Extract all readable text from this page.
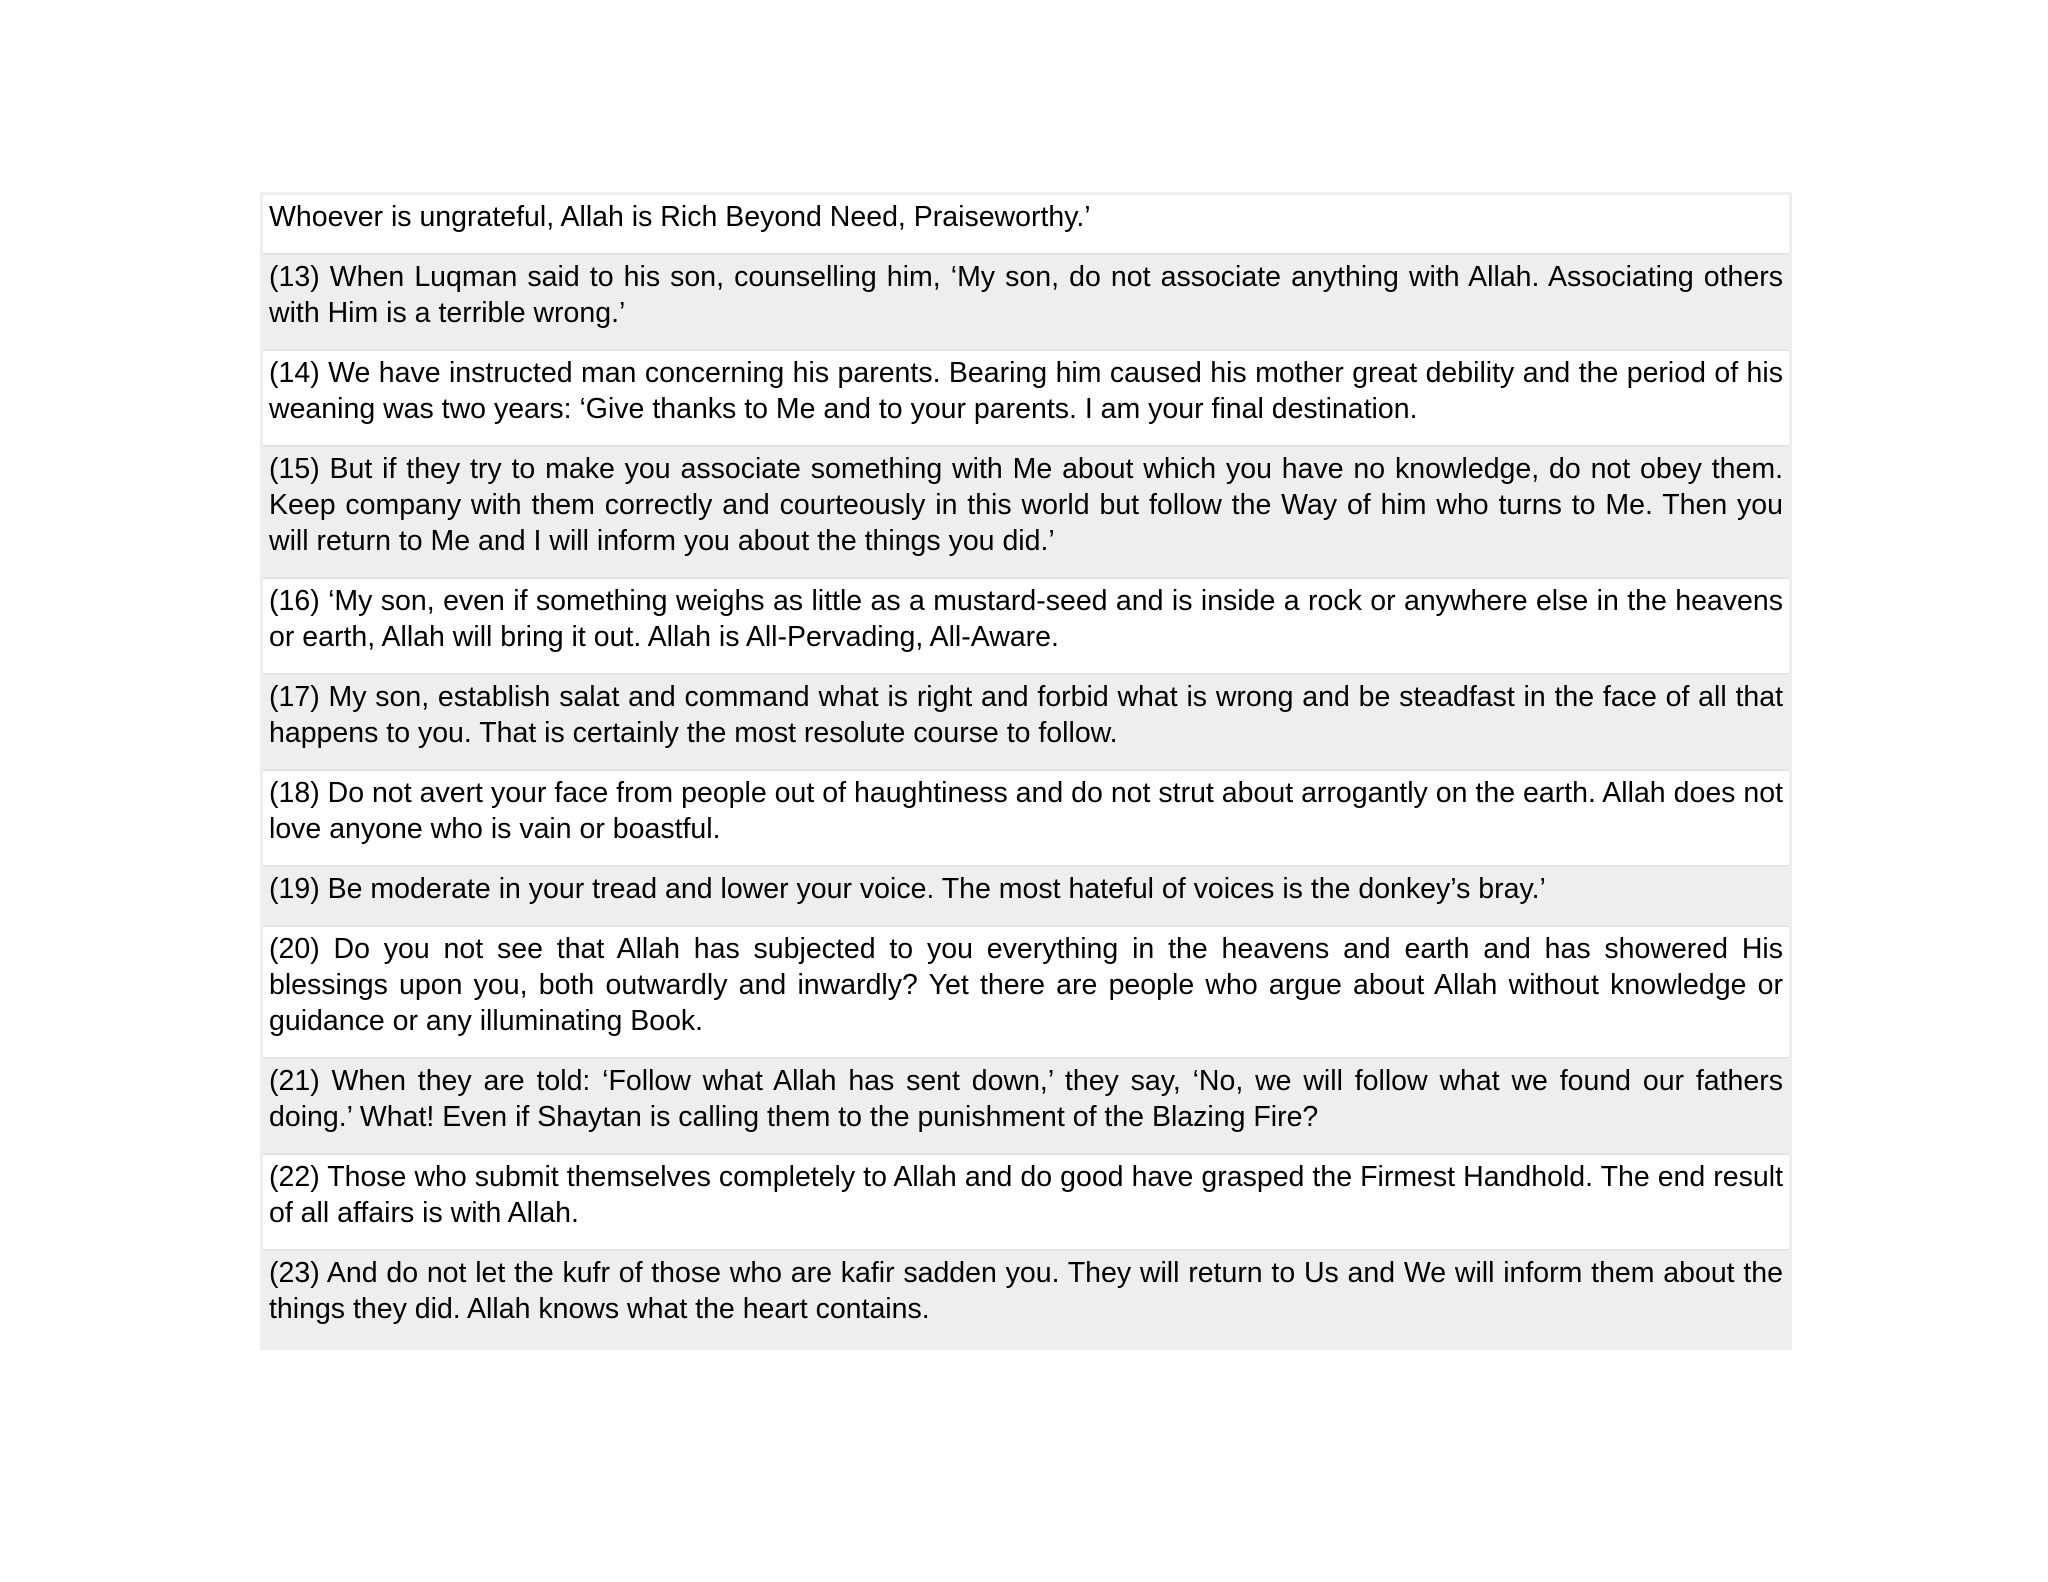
Whoever is ungrateful, Allah is Rich Beyond Need, Praiseworthy.’
(13) When Luqman said to his son, counselling him, ‘My son, do not associate anything with Allah. Associating others with Him is a terrible wrong.’
(14) We have instructed man concerning his parents. Bearing him caused his mother great debility and the period of his weaning was two years: ‘Give thanks to Me and to your parents. I am your final destination.
(15) But if they try to make you associate something with Me about which you have no knowledge, do not obey them. Keep company with them correctly and courteously in this world but follow the Way of him who turns to Me. Then you will return to Me and I will inform you about the things you did.’
(16) ‘My son, even if something weighs as little as a mustard-seed and is inside a rock or anywhere else in the heavens or earth, Allah will bring it out. Allah is All-Pervading, All-Aware.
(17) My son, establish salat and command what is right and forbid what is wrong and be steadfast in the face of all that happens to you. That is certainly the most resolute course to follow.
(18) Do not avert your face from people out of haughtiness and do not strut about arrogantly on the earth. Allah does not love anyone who is vain or boastful.
(19) Be moderate in your tread and lower your voice. The most hateful of voices is the donkey’s bray.’
(20) Do you not see that Allah has subjected to you everything in the heavens and earth and has showered His blessings upon you, both outwardly and inwardly? Yet there are people who argue about Allah without knowledge or guidance or any illuminating Book.
(21) When they are told: ‘Follow what Allah has sent down,’ they say, ‘No, we will follow what we found our fathers doing.’ What! Even if Shaytan is calling them to the punishment of the Blazing Fire?
(22) Those who submit themselves completely to Allah and do good have grasped the Firmest Handhold. The end result of all affairs is with Allah.
(23) And do not let the kufr of those who are kafir sadden you. They will return to Us and We will inform them about the things they did. Allah knows what the heart contains.
